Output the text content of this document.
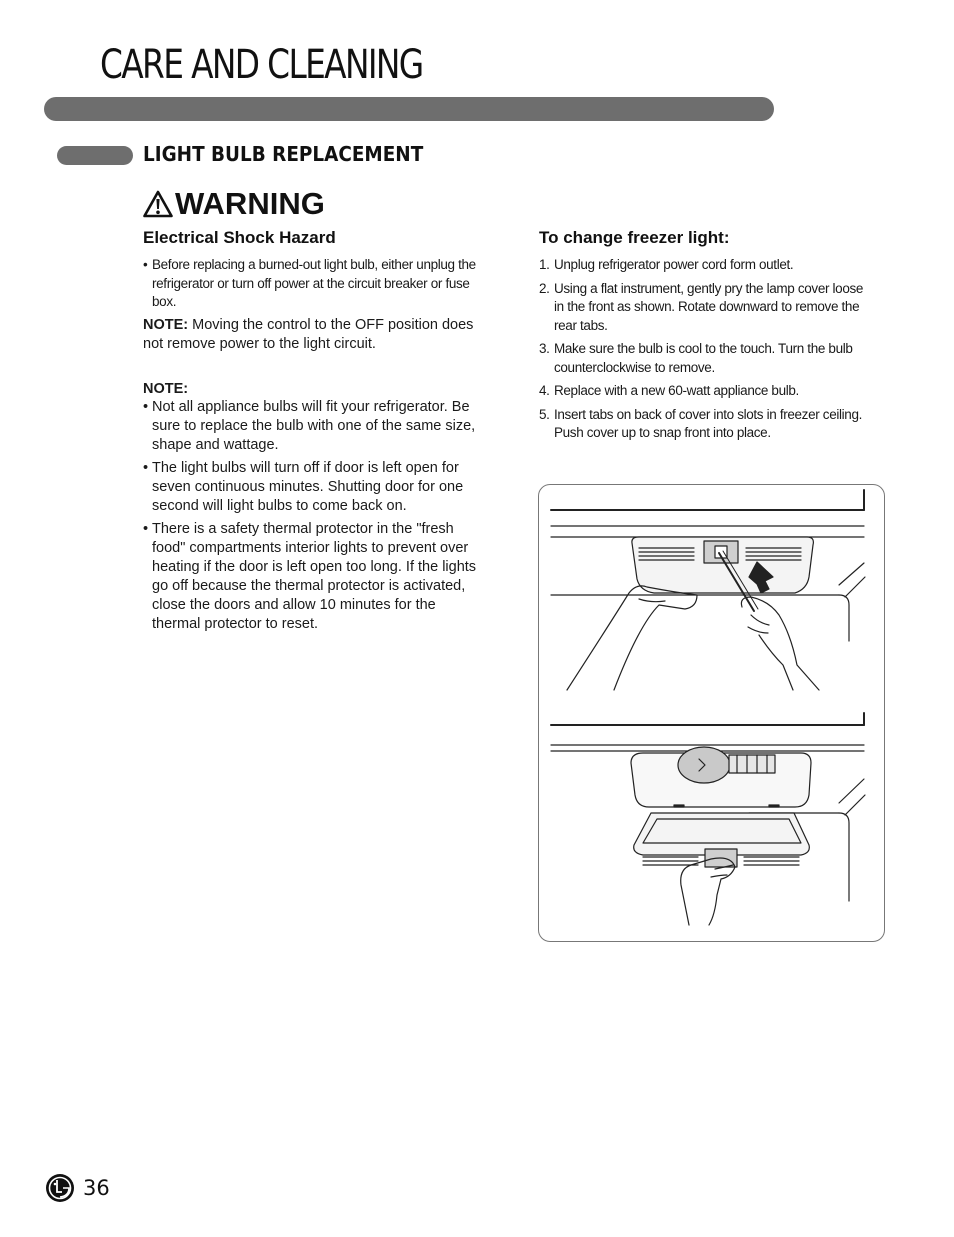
CARE AND CLEANING
LIGHT BULB REPLACEMENT
WARNING
Electrical Shock Hazard

• Before replacing a burned-out light bulb, either unplug the refrigerator or turn off power at the circuit breaker or fuse box.

NOTE: Moving the control to the OFF position does not remove power to the light circuit.

NOTE:

• Not all appliance bulbs will fit your refrigerator. Be sure to replace the bulb with one of the same size, shape and wattage.

• The light bulbs will turn off if door is left open for seven continuous minutes. Shutting door for one second will light bulbs to come back on.

• There is a safety thermal protector in the "fresh food" compartments interior lights to prevent over heating if the door is left open too long. If the lights go off because the thermal protector is activated, close the doors and allow 10 minutes for the thermal protector to reset.

To change freezer light:
1. Unplug refrigerator power cord form outlet.
2. Using a flat instrument, gently pry the lamp cover loose in the front as shown. Rotate downward to remove the rear tabs.
3. Make sure the bulb is cool to the touch. Turn the bulb counterclockwise to remove.
4. Replace with a new 60-watt appliance bulb.
5. Insert tabs on back of cover into slots in freezer ceiling.
Push cover up to snap front into place.
36
